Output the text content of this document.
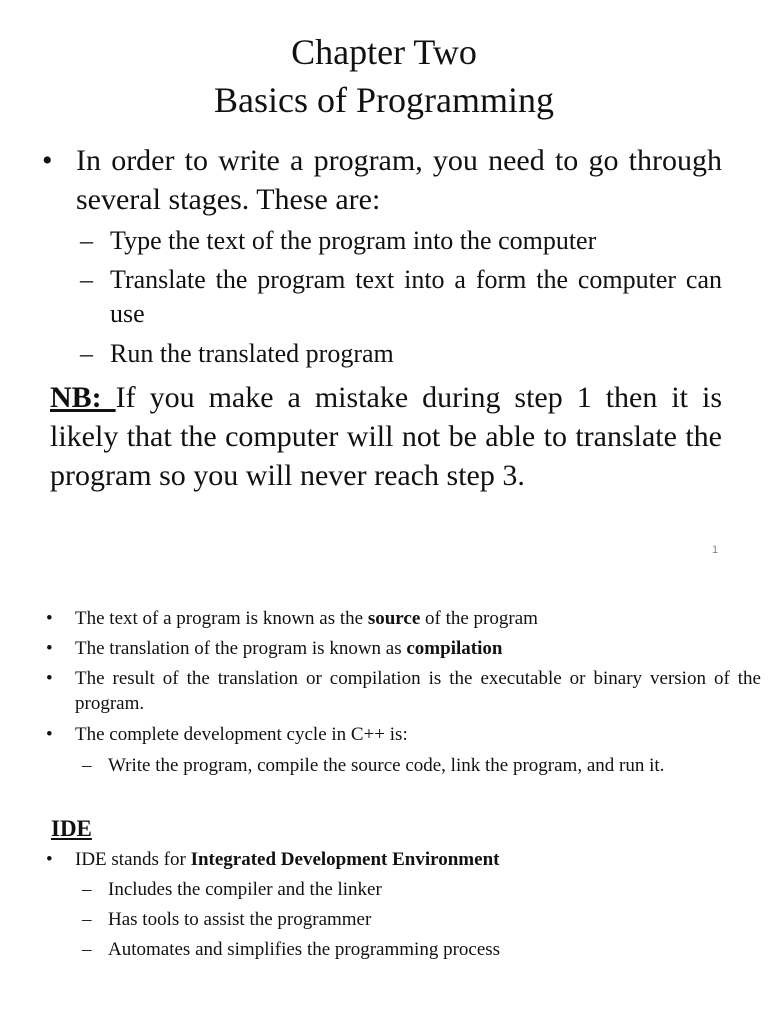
Chapter Two
Basics of Programming
• In order to write a program, you need to go through several stages. These are:
– Type the text of the program into the computer
– Translate the program text into a form the computer can use
– Run the translated program
NB: If you make a mistake during step 1 then it is likely that the computer will not be able to translate the program so you will never reach step 3.
1
• The text of a program is known as the source of the program
• The translation of the program is known as compilation
• The result of the translation or compilation is the executable or binary version of the program.
• The complete development cycle in C++ is:
– Write the program, compile the source code, link the program, and run it.
IDE
• IDE stands for Integrated Development Environment
– Includes the compiler and the linker
– Has tools to assist the programmer
– Automates and simplifies the programming process
